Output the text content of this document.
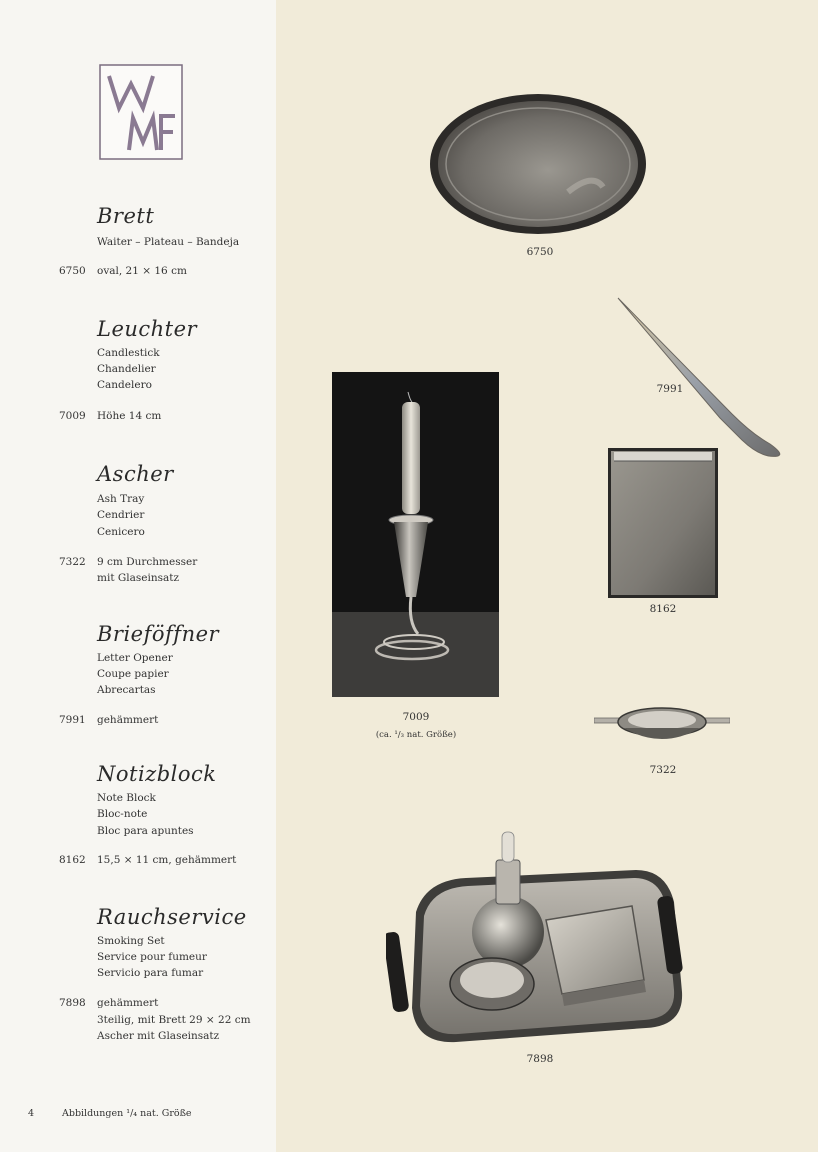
Brett
Waiter – Plateau – Bandeja
6750 oval, 21 × 16 cm
Leuchter
Candlestick
Chandelier
Candelero
7009 Höhe 14 cm
Ascher
Ash Tray
Cendrier
Cenicero
7322 9 cm Durchmesser
mit Glaseinsatz
Brieföffner
Letter Opener
Coupe papier
Abrecartas
7991 gehämmert
Notizblock
Note Block
Bloc-note
Bloc para apuntes
8162 15,5 × 11 cm, gehämmert
Rauchservice
Smoking Set
Service pour fumeur
Servicio para fumar
7898 gehämmert
3teilig, mit Brett 29 × 22 cm
Ascher mit Glaseinsatz
4	Abbildungen ¹/₄ nat. Größe
6750
7991
7009
(ca. ¹/₃ nat. Größe)
8162
7322
7898
